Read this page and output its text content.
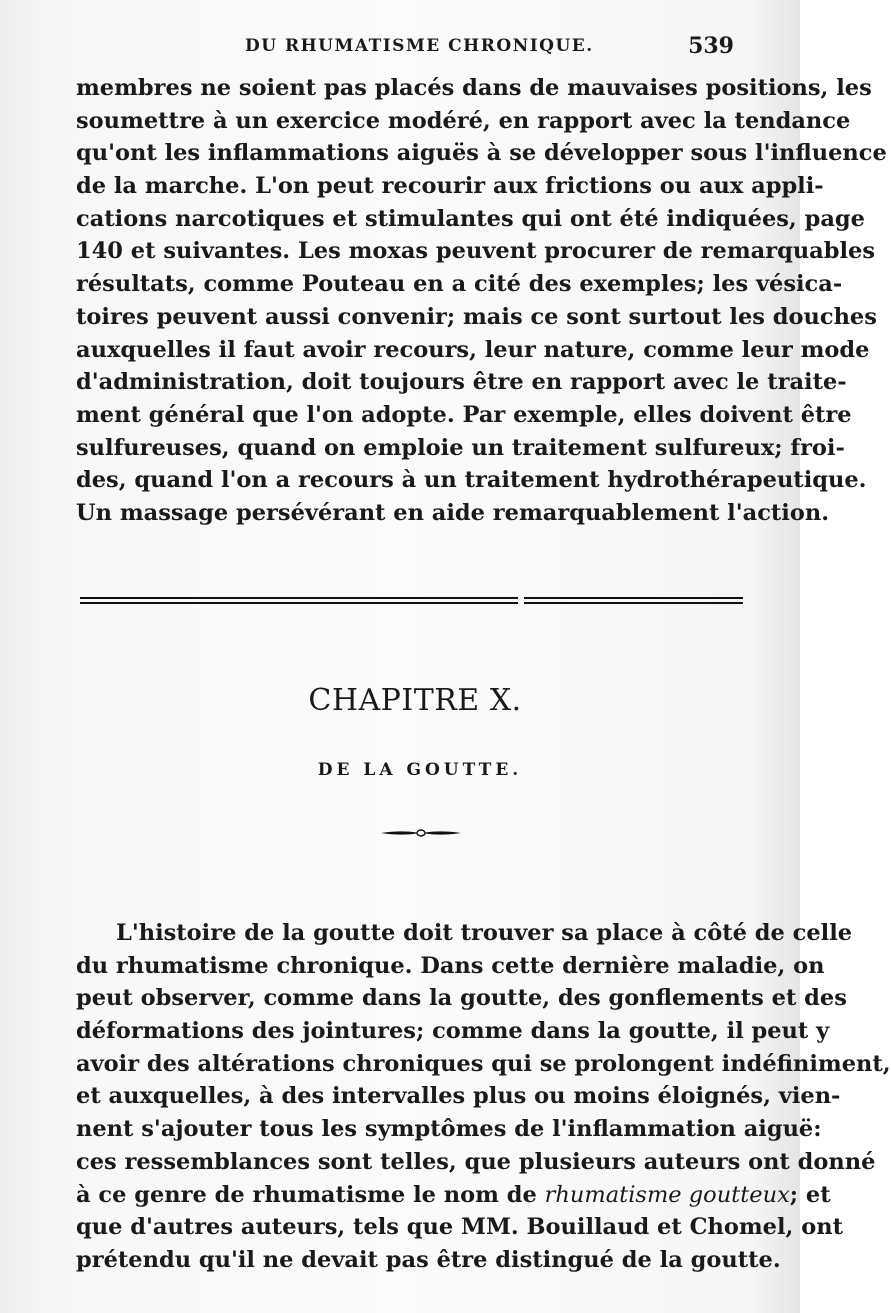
DU RHUMATISME CHRONIQUE.	539
membres ne soient pas placés dans de mauvaises positions, les
soumettre à un exercice modéré, en rapport avec la tendance
qu'ont les inflammations aiguës à se développer sous l'influence
de la marche. L'on peut recourir aux frictions ou aux appli-
cations narcotiques et stimulantes qui ont été indiquées, page
140 et suivantes. Les moxas peuvent procurer de remarquables
résultats, comme Pouteau en a cité des exemples; les vésica-
toires peuvent aussi convenir; mais ce sont surtout les douches
auxquelles il faut avoir recours, leur nature, comme leur mode
d'administration, doit toujours être en rapport avec le traite-
ment général que l'on adopte. Par exemple, elles doivent être
sulfureuses, quand on emploie un traitement sulfureux; froi-
des, quand l'on a recours à un traitement hydrothérapeutique.
Un massage persévérant en aide remarquablement l'action.
CHAPITRE X.
DE LA GOUTTE.
L'histoire de la goutte doit trouver sa place à côté de celle
du rhumatisme chronique. Dans cette dernière maladie, on
peut observer, comme dans la goutte, des gonflements et des
déformations des jointures; comme dans la goutte, il peut y
avoir des altérations chroniques qui se prolongent indéfiniment,
et auxquelles, à des intervalles plus ou moins éloignés, vien-
nent s'ajouter tous les symptômes de l'inflammation aiguë:
ces ressemblances sont telles, que plusieurs auteurs ont donné
à ce genre de rhumatisme le nom de rhumatisme goutteux; et
que d'autres auteurs, tels que MM. Bouillaud et Chomel, ont
prétendu qu'il ne devait pas être distingué de la goutte.
